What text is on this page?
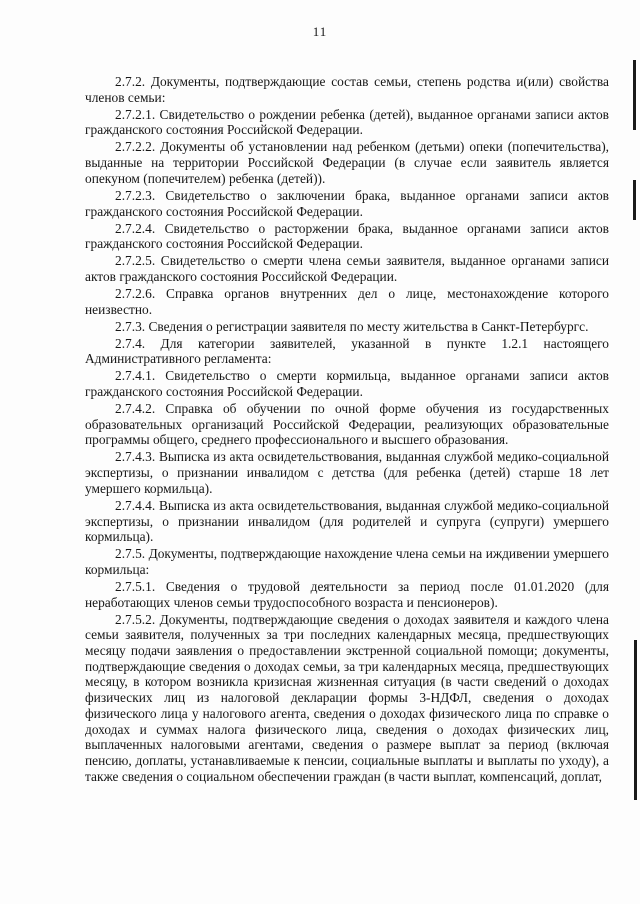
11

2.7.2. Документы, подтверждающие состав семьи, степень родства и(или) свойства членов семьи:

2.7.2.1. Свидетельство о рождении ребенка (детей), выданное органами записи актов гражданского состояния Российской Федерации.

2.7.2.2. Документы об установлении над ребенком (детьми) опеки (попечительства), выданные на территории Российской Федерации (в случае если заявитель является опекуном (попечителем) ребенка (детей)).

2.7.2.3. Свидетельство о заключении брака, выданное органами записи актов гражданского состояния Российской Федерации.

2.7.2.4. Свидетельство о расторжении брака, выданное органами записи актов гражданского состояния Российской Федерации.

2.7.2.5. Свидетельство о смерти члена семьи заявителя, выданное органами записи актов гражданского состояния Российской Федерации.

2.7.2.6. Справка органов внутренних дел о лице, местонахождение которого неизвестно.

2.7.3. Сведения о регистрации заявителя по месту жительства в Санкт-Петербургс.

2.7.4. Для категории заявителей, указанной в пункте 1.2.1 настоящего Административного регламента:

2.7.4.1. Свидетельство о смерти кормильца, выданное органами записи актов гражданского состояния Российской Федерации.

2.7.4.2. Справка об обучении по очной форме обучения из государственных образовательных организаций Российской Федерации, реализующих образовательные программы общего, среднего профессионального и высшего образования.

2.7.4.3. Выписка из акта освидетельствования, выданная службой медико-социальной экспертизы, о признании инвалидом с детства (для ребенка (детей) старше 18 лет умершего кормильца).

2.7.4.4. Выписка из акта освидетельствования, выданная службой медико-социальной экспертизы, о признании инвалидом (для родителей и супруга (супруги) умершего кормильца).

2.7.5. Документы, подтверждающие нахождение члена семьи на иждивении умершего кормильца:

2.7.5.1. Сведения о трудовой деятельности за период после 01.01.2020 (для неработающих членов семьи трудоспособного возраста и пенсионеров).

2.7.5.2. Документы, подтверждающие сведения о доходах заявителя и каждого члена семьи заявителя, полученных за три последних календарных месяца, предшествующих месяцу подачи заявления о предоставлении экстренной социальной помощи; документы, подтверждающие сведения о доходах семьи, за три календарных месяца, предшествующих месяцу, в котором возникла кризисная жизненная ситуация (в части сведений о доходах физических лиц из налоговой декларации формы 3-НДФЛ, сведения о доходах физического лица у налогового агента, сведения о доходах физического лица по справке о доходах и суммах налога физического лица, сведения о доходах физических лиц, выплаченных налоговыми агентами, сведения о размере выплат за период (включая пенсию, доплаты, устанавливаемые к пенсии, социальные выплаты и выплаты по уходу), а также сведения о социальном обеспечении граждан (в части выплат, компенсаций, доплат,
